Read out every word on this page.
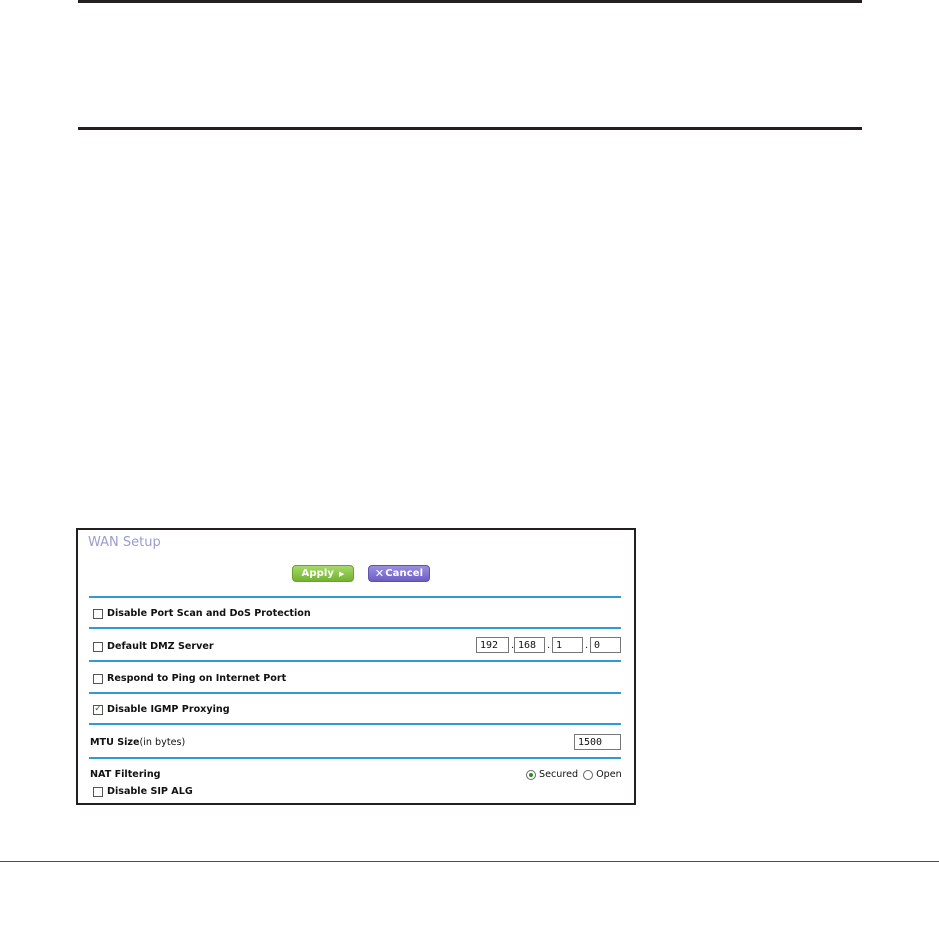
WAN Setup
Apply ▶	✕ Cancel
Disable Port Scan and DoS Protection
Default DMZ Server	192	. 168	. 1	. 0
Respond to Ping on Internet Port
✓ Disable IGMP Proxying
MTU Size (in bytes)	1500
NAT Filtering	Secured Open
Disable SIP ALG
